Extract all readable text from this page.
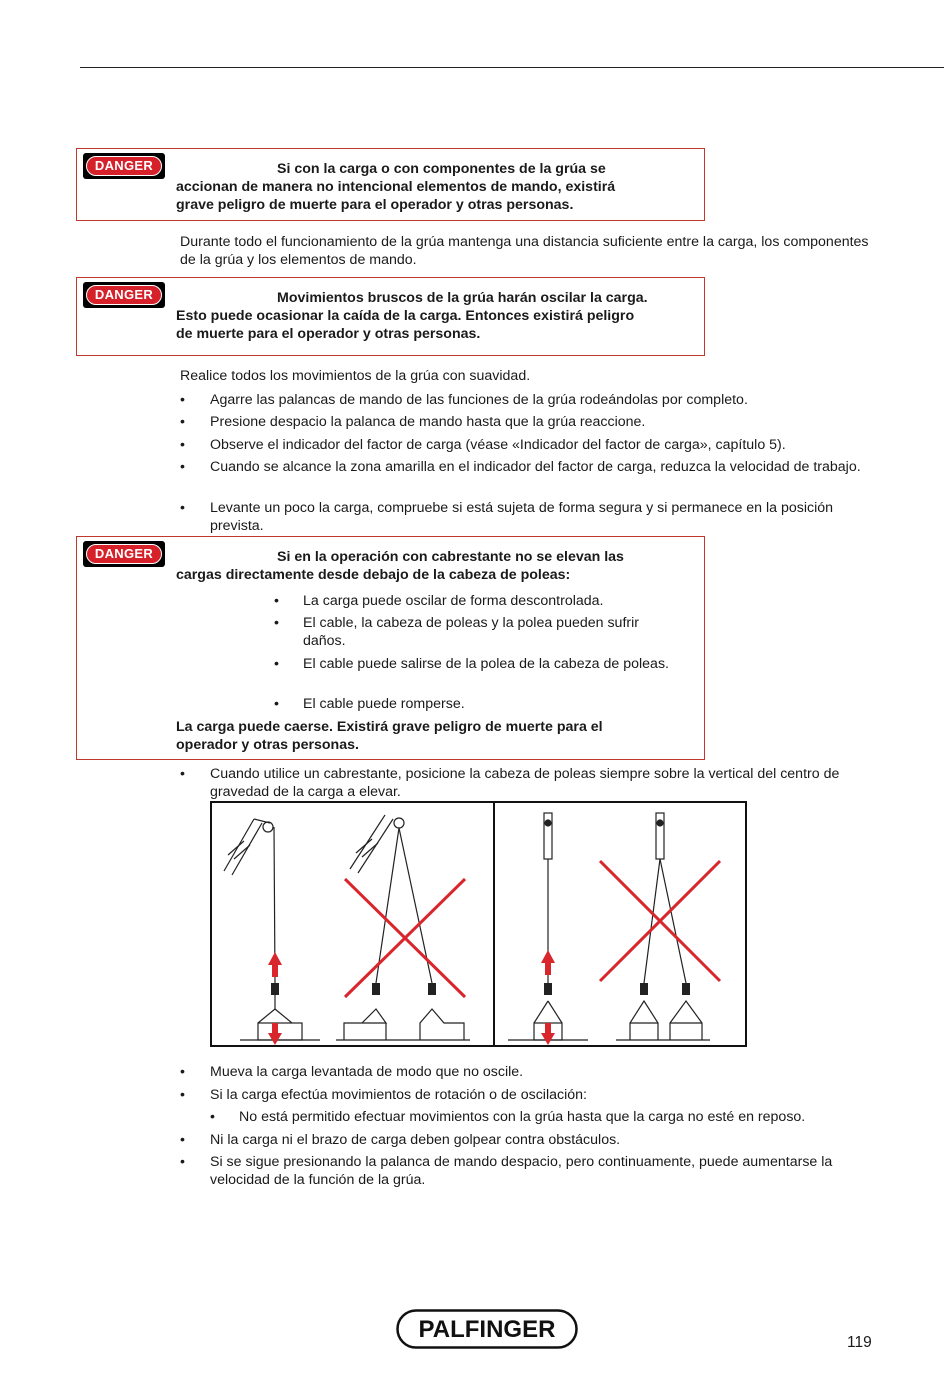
DANGER	Si con la carga o con componentes de la grúa se
accionan de manera no intencional elementos de mando, existirá
grave peligro de muerte para el operador y otras personas.
Durante todo el funcionamiento de la grúa mantenga una distancia suficiente entre la carga, los componentes de la grúa y los elementos de mando.
DANGER	Movimientos bruscos de la grúa harán oscilar la carga.
Esto puede ocasionar la caída de la carga. Entonces existirá peligro
de muerte para el operador y otras personas.
Realice todos los movimientos de la grúa con suavidad.
•	Agarre las palancas de mando de las funciones de la grúa rodeándolas por completo.
•	Presione despacio la palanca de mando hasta que la grúa reaccione.
•	Observe el indicador del factor de carga (véase «Indicador del factor de carga», capítulo 5).
•	Cuando se alcance la zona amarilla en el indicador del factor de carga, reduzca la velocidad de trabajo.
•	Levante un poco la carga, compruebe si está sujeta de forma segura y si permanece en la posición prevista.
DANGER	Si en la operación con cabrestante no se elevan las
cargas directamente desde debajo de la cabeza de poleas:
•	La carga puede oscilar de forma descontrolada.
•	El cable, la cabeza de poleas y la polea pueden sufrir daños.
•	El cable puede salirse de la polea de la cabeza de poleas.
•	El cable puede romperse.
La carga puede caerse. Existirá grave peligro de muerte para el operador y otras personas.
•	Cuando utilice un cabrestante, posicione la cabeza de poleas siempre sobre la vertical del centro de gravedad de la carga a elevar.
•	Mueva la carga levantada de modo que no oscile.
•	Si la carga efectúa movimientos de rotación o de oscilación:
•	No está permitido efectuar movimientos con la grúa hasta que la carga no esté en reposo.
•	Ni la carga ni el brazo de carga deben golpear contra obstáculos.
•	Si se sigue presionando la palanca de mando despacio, pero continuamente, puede aumentarse la velocidad de la función de la grúa.
PALFINGER	119
